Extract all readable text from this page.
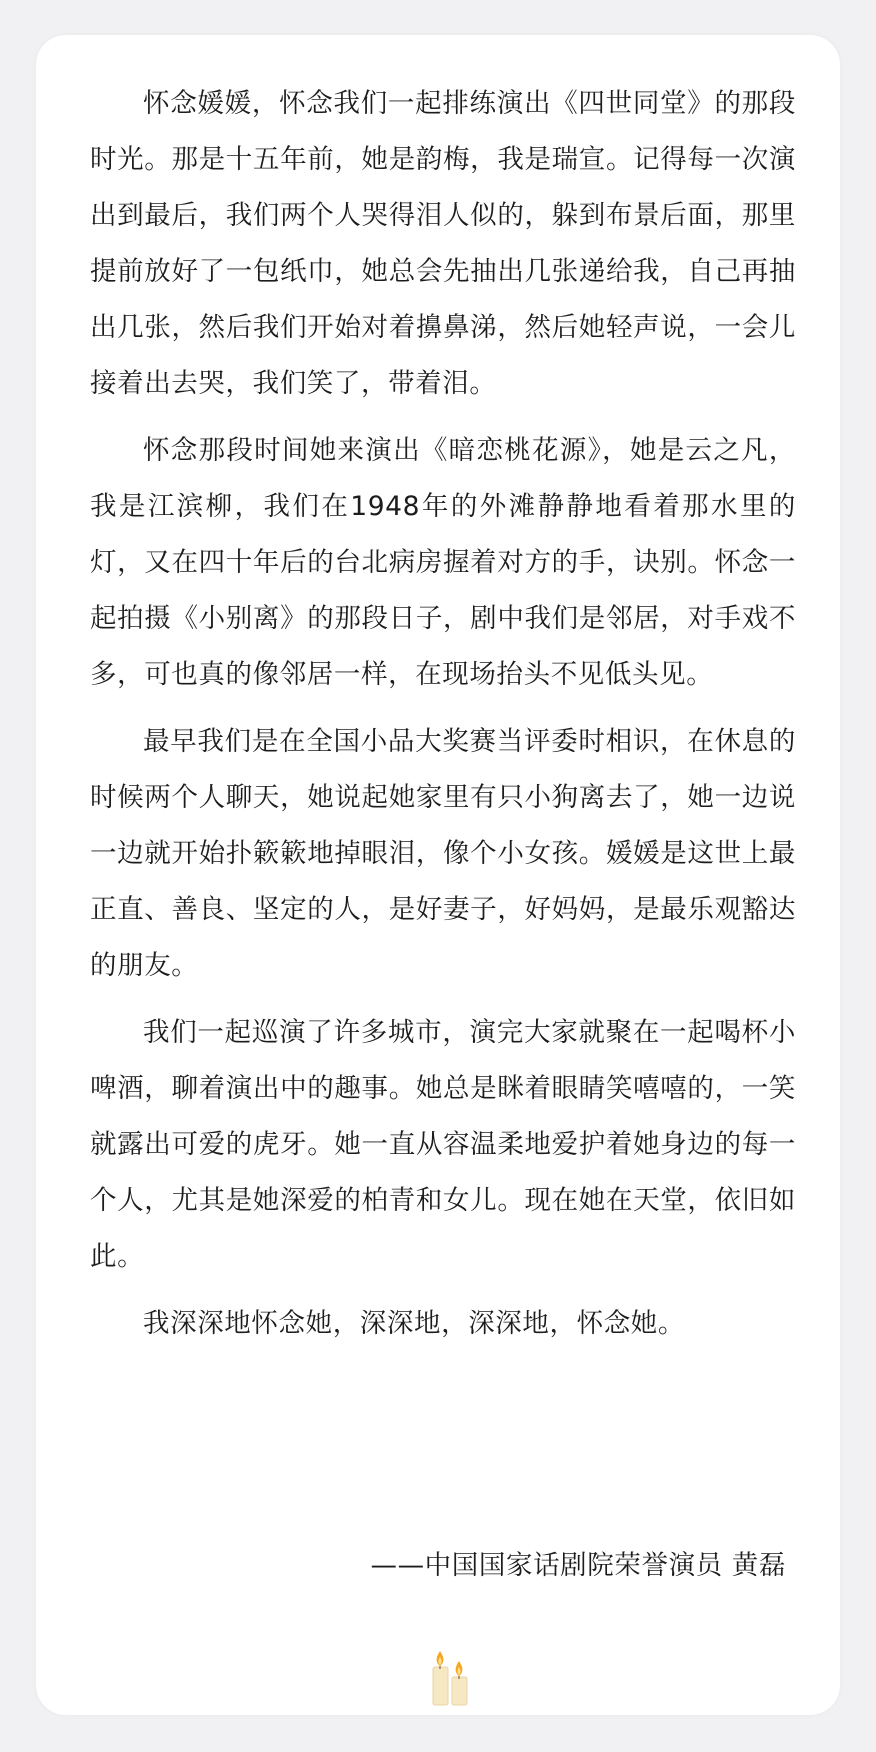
怀念媛媛，怀念我们一起排练演出《四世同堂》的那段时光。那是十五年前，她是韵梅，我是瑞宣。记得每一次演出到最后，我们两个人哭得泪人似的，躲到布景后面，那里提前放好了一包纸巾，她总会先抽出几张递给我，自己再抽出几张，然后我们开始对着擤鼻涕，然后她轻声说，一会儿接着出去哭，我们笑了，带着泪。

怀念那段时间她来演出《暗恋桃花源》，她是云之凡，我是江滨柳，我们在1948年的外滩静静地看着那水里的灯，又在四十年后的台北病房握着对方的手，诀别。怀念一起拍摄《小别离》的那段日子，剧中我们是邻居，对手戏不多，可也真的像邻居一样，在现场抬头不见低头见。

最早我们是在全国小品大奖赛当评委时相识，在休息的时候两个人聊天，她说起她家里有只小狗离去了，她一边说一边就开始扑簌簌地掉眼泪，像个小女孩。媛媛是这世上最正直、善良、坚定的人，是好妻子，好妈妈，是最乐观豁达的朋友。

我们一起巡演了许多城市，演完大家就聚在一起喝杯小啤酒，聊着演出中的趣事。她总是眯着眼睛笑嘻嘻的，一笑就露出可爱的虎牙。她一直从容温柔地爱护着她身边的每一个人，尤其是她深爱的柏青和女儿。现在她在天堂，依旧如此。

我深深地怀念她，深深地，深深地，怀念她。

——中国国家话剧院荣誉演员 黄磊
